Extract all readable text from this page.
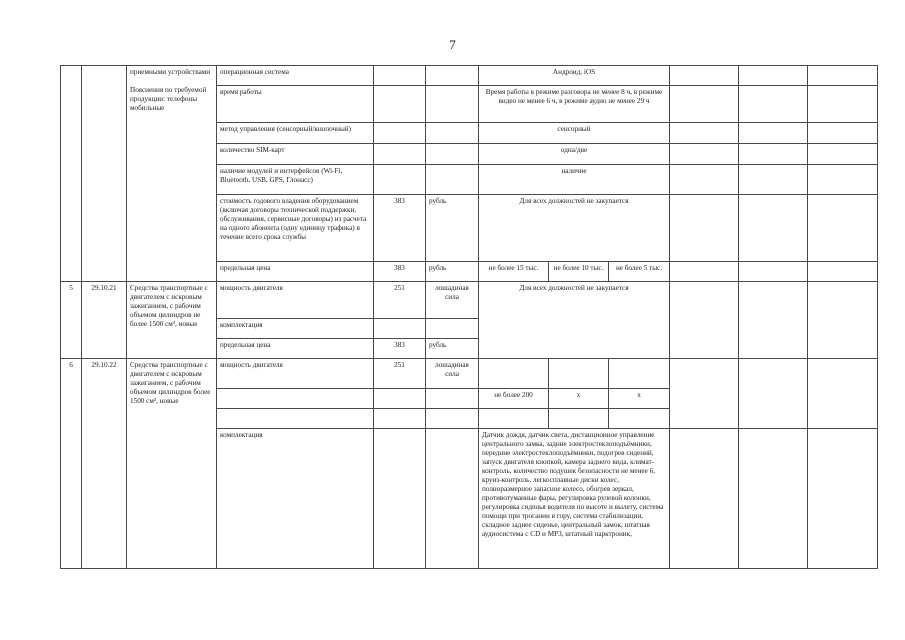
7
		приемными устройствами
Пояснения по требуемой продукции: телефоны мобильные	операционная система			Андроид, iOS					
			время работы			Время работы в режиме разговора не менее 8 ч, в режиме видео не менее 6 ч, в режиме аудио не менее 29 ч					
			метод управления (сенсорный/кнопочный)			сенсорный					
			количество SIM-карт			одна/две					
			наличие модулей и интерфейсов (Wi-Fi, Bluetooth, USB, GPS, Глонасс)			наличие					
			стоимость годового владения оборудованием (включая договоры технической поддержки, обслуживания, сервисные договоры) из расчета на одного абонента (одну единицу трафика) в течение всего срока службы	383	рубль	Для всех должностей не закупается					
			предельная цена	383	рубль	не более 15 тыс.	не более 10 тыс.	не более 5 тыс.			
5	29.10.21	Средства транспортные с двигателем с искровым зажиганием, с рабочим объемом цилиндров не более 1500 см³, новые	мощность двигателя	251	лошадиная сила	Для всех должностей не закупается					
			комплектация								
			предельная цена	383	рубль						
6	29.10.22	Средства транспортные с двигателем с искровым зажиганием, с рабочим объемом цилиндров более 1500 см³, новые	мощность двигателя	251	лошадиная сила						
						не более 200	х	х			

			комплектация			Датчик дождя, датчик света, дистанционное управление центрального замка, задние электростеклоподъёмники, передние электростеклоподъёмники, подогрев сидений, запуск двигателя кнопкой, камера заднего вида, климат-контроль, количество подушек безопасности не менее 6, круиз-контроль, легкосплавные диски колес, полноразмерное запасное колесо, обогрев зеркал, противотуманные фары, регулировка рулевой колонки, регулировка сиденья водителя по высоте и вылету, система помощи при трогании в гору, система стабилизации, складное заднее сиденье, центральный замок, штатная аудиосистема с CD и MP3, штатный парктроник,					
